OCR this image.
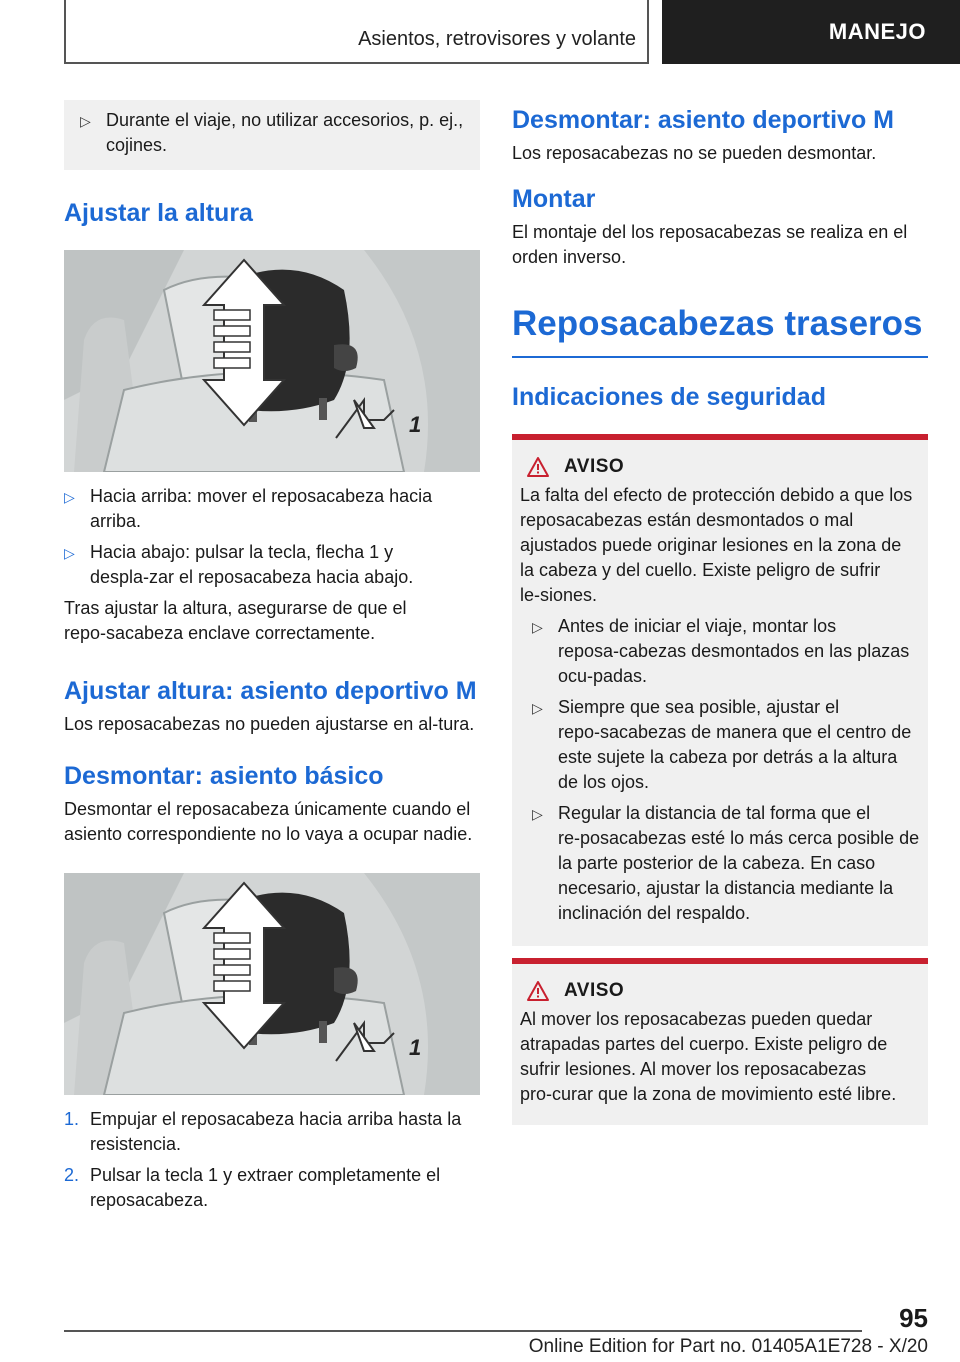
Asientos, retrovisores y volante	MANEJO
▷ Durante el viaje, no utilizar accesorios, p. ej., cojines.
Ajustar la altura
1
▷ Hacia arriba: mover el reposacabeza hacia arriba.
▷ Hacia abajo: pulsar la tecla, flecha 1 y despla‑zar el reposacabeza hacia abajo.

Tras ajustar la altura, asegurarse de que el repo‑sacabeza enclave correctamente.

Ajustar altura: asiento deportivo M

Los reposacabezas no pueden ajustarse en al‑tura.

Desmontar: asiento básico

Desmontar el reposacabeza únicamente cuando el asiento correspondiente no lo vaya a ocupar nadie.

1
1. Empujar el reposacabeza hacia arriba hasta la resistencia.
2. Pulsar la tecla 1 y extraer completamente el reposacabeza.
Desmontar: asiento deportivo M

Los reposacabezas no se pueden desmontar.

Montar

El montaje del los reposacabezas se realiza en el orden inverso.

Reposacabezas traseros
Indicaciones de seguridad
AVISO

La falta del efecto de protección debido a que los reposacabezas están desmontados o mal ajustados puede originar lesiones en la zona de la cabeza y del cuello. Existe peligro de sufrir le‑siones.

▷ Antes de iniciar el viaje, montar los reposa‑cabezas desmontados en las plazas ocu‑padas.
▷ Siempre que sea posible, ajustar el repo‑sacabezas de manera que el centro de este sujete la cabeza por detrás a la altura de los ojos.
▷ Regular la distancia de tal forma que el re‑posacabezas esté lo más cerca posible de la parte posterior de la cabeza. En caso necesario, ajustar la distancia mediante la inclinación del respaldo.
AVISO

Al mover los reposacabezas pueden quedar atrapadas partes del cuerpo. Existe peligro de sufrir lesiones. Al mover los reposacabezas pro‑curar que la zona de movimiento esté libre.

95
Online Edition for Part no. 01405A1E728 - X/20
